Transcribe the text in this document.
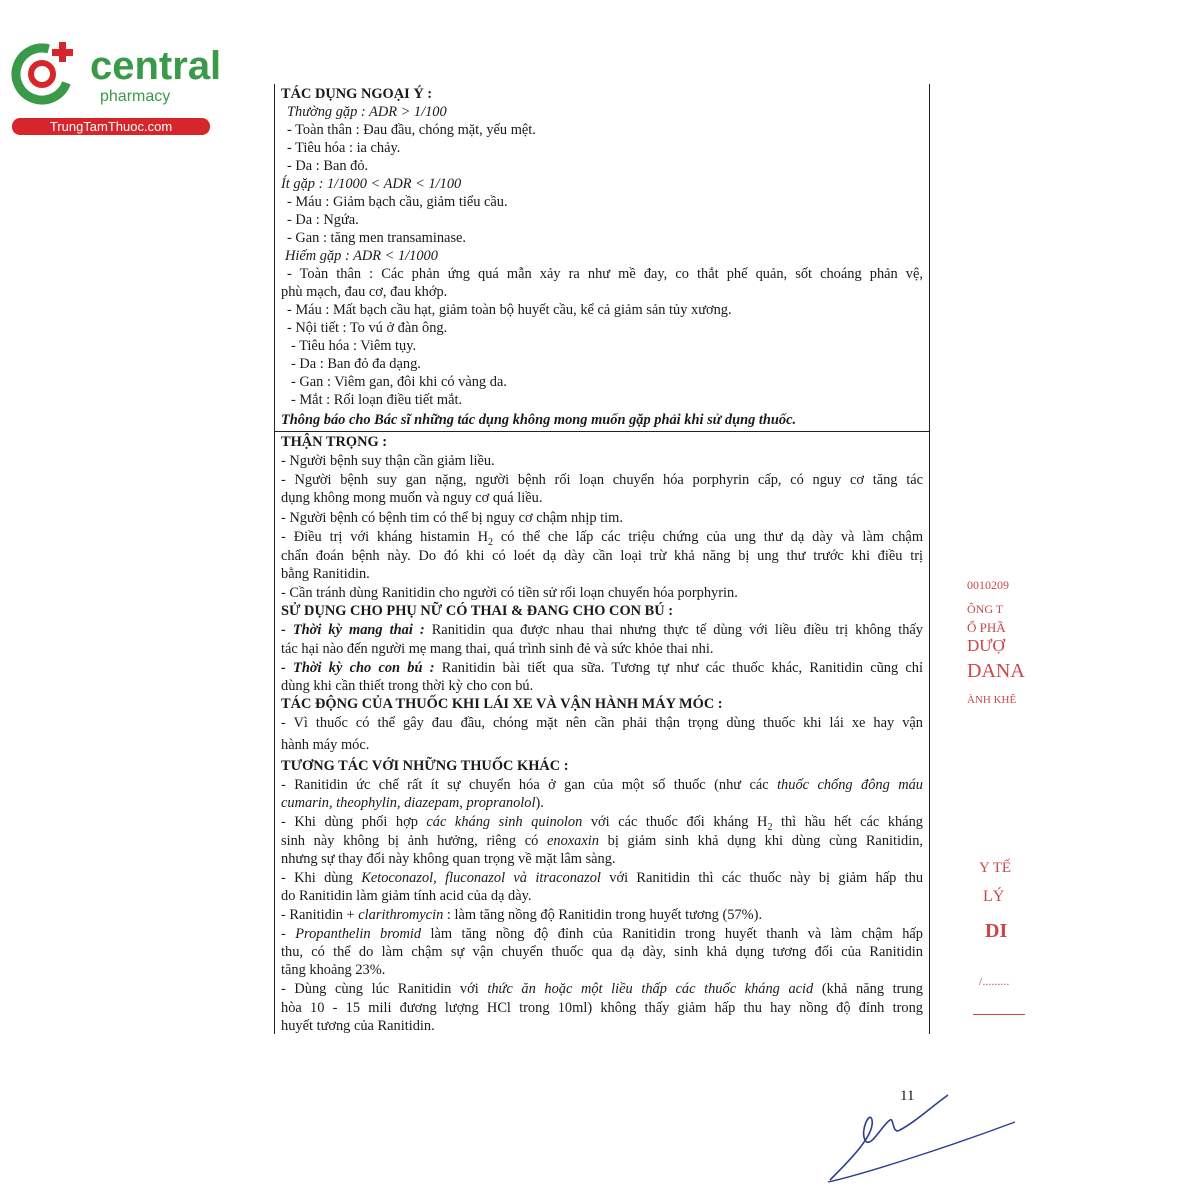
central
pharmacy
TrungTamThuoc.com
TÁC DỤNG NGOẠI Ý :
Thường gặp : ADR > 1/100
- Toàn thân : Đau đầu, chóng mặt, yếu mệt.
- Tiêu hóa : ia chảy.
- Da : Ban đỏ.
Ít gặp : 1/1000 < ADR < 1/100
- Máu : Giảm bạch cầu, giảm tiểu cầu.
- Da : Ngứa.
- Gan : tăng men transaminase.
Hiếm gặp : ADR < 1/1000
- Toàn thân : Các phản ứng quá mẫn xảy ra như mề đay, co thắt phế quản, sốt choáng phản vệ,
phù mạch, đau cơ, đau khớp.
- Máu : Mất bạch cầu hạt, giảm toàn bộ huyết cầu, kể cả giảm sản tủy xương.
- Nội tiết : To vú ở đàn ông.
- Tiêu hóa : Viêm tụy.
- Da : Ban đỏ đa dạng.
- Gan : Viêm gan, đôi khi có vàng da.
- Mắt : Rối loạn điều tiết mắt.
Thông báo cho Bác sĩ những tác dụng không mong muốn gặp phải khi sử dụng thuốc.
THẬN TRỌNG :
- Người bệnh suy thận cần giảm liều.
- Người bệnh suy gan nặng, người bệnh rối loạn chuyển hóa porphyrin cấp, có nguy cơ tăng tác
dụng không mong muốn và nguy cơ quá liều.
- Người bệnh có bệnh tim có thể bị nguy cơ chậm nhịp tim.
- Điều trị với kháng histamin $H_2$ có thể che lấp các triệu chứng của ung thư dạ dày và làm chậm
chẩn đoán bệnh này. Do đó khi có loét dạ dày cần loại trừ khả năng bị ung thư trước khi điều trị
bằng Ranitidin.
- Cần tránh dùng Ranitidin cho người có tiền sử rối loạn chuyển hóa porphyrin.
SỬ DỤNG CHO PHỤ NỮ CÓ THAI & ĐANG CHO CON BÚ :
- Thời kỳ mang thai : Ranitidin qua được nhau thai nhưng thực tế dùng với liều điều trị không thấy
tác hại nào đến người mẹ mang thai, quá trình sinh đẻ và sức khỏe thai nhi.
- Thời kỳ cho con bú : Ranitidin bài tiết qua sữa. Tương tự như các thuốc khác, Ranitidin cũng chỉ
dùng khi cần thiết trong thời kỳ cho con bú.
TÁC ĐỘNG CỦA THUỐC KHI LÁI XE VÀ VẬN HÀNH MÁY MÓC :
- Vì thuốc có thể gây đau đầu, chóng mặt nên cần phải thận trọng dùng thuốc khi lái xe hay vận
hành máy móc.
TƯƠNG TÁC VỚI NHỮNG THUỐC KHÁC :
- Ranitidin ức chế rất ít sự chuyển hóa ở gan của một số thuốc (như các thuốc chống đông máu
cumarin, theophylin, diazepam, propranolol).
- Khi dùng phối hợp các kháng sinh quinolon với các thuốc đối kháng $H_2$ thì hầu hết các kháng
sinh này không bị ảnh hưởng, riêng có enoxaxin bị giảm sinh khả dụng khi dùng cùng Ranitidin,
nhưng sự thay đổi này không quan trọng về mặt lâm sàng.
- Khi dùng Ketoconazol, fluconazol và itraconazol với Ranitidin thì các thuốc này bị giảm hấp thu
do Ranitidin làm giảm tính acid của dạ dày.
- Ranitidin + clarithromycin : làm tăng nồng độ Ranitidin trong huyết tương (57%).
- Propanthelin bromid làm tăng nồng độ đỉnh của Ranitidin trong huyết thanh và làm chậm hấp
thu, có thể do làm chậm sự vận chuyển thuốc qua dạ dày, sinh khả dụng tương đối của Ranitidin
tăng khoảng 23%.
- Dùng cùng lúc Ranitidin với thức ăn hoặc một liều thấp các thuốc kháng acid (khả năng trung
hòa 10 - 15 mili đương lượng HCl trong 10ml) không thấy giảm hấp thu hay nồng độ đỉnh trong
huyết tương của Ranitidin.
0010209
ÔNG T
Ổ PHẦ
DƯỢ
DANA
ÀNH KHÊ
Y TẾ
LÝ
DI
/.........
11
